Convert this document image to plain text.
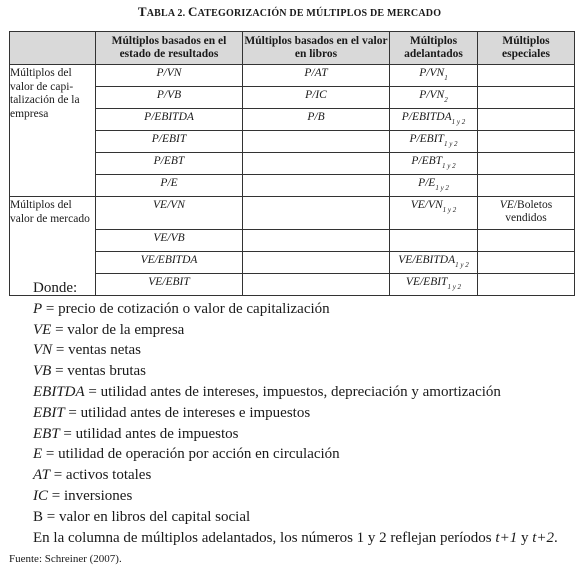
TABLA 2. CATEGORIZACIÓN DE MÚLTIPLOS DE MERCADO
	Múltiplos basados en el estado de resultados	Múltiplos basados en el valor en libros	Múltiplos adelantados	Múltiplos especiales
Múltiplos del valor de capi-talización de la empresa	P/VN	P/AT	$P/VN_1$	
	P/VB	P/IC	$P/VN_2$	
	P/EBITDA	P/B	$P/EBITDA_{1 y 2}$	
	P/EBIT		$P/EBIT_{1 y 2}$	
	P/EBT		$P/EBT_{1 y 2}$	
	P/E		$P/E_{1 y 2}$	
Múltiplos del valor de mercado	VE/VN		$VE/VN_{1 y 2}$	VE/Boletos vendidos
	VE/VB			
	VE/EBITDA		$VE/EBITDA_{1 y 2}$	
	VE/EBIT		$VE/EBIT_{1 y 2}$	
Donde:
P = precio de cotización o valor de capitalización
VE = valor de la empresa
VN = ventas netas
VB = ventas brutas
EBITDA = utilidad antes de intereses, impuestos, depreciación y amortización
EBIT = utilidad antes de intereses e impuestos
EBT = utilidad antes de impuestos
E = utilidad de operación por acción en circulación
AT = activos totales
IC = inversiones
B = valor en libros del capital social
En la columna de múltiplos adelantados, los números 1 y 2 reflejan períodos t+1 y t+2.
Fuente: Schreiner (2007).
